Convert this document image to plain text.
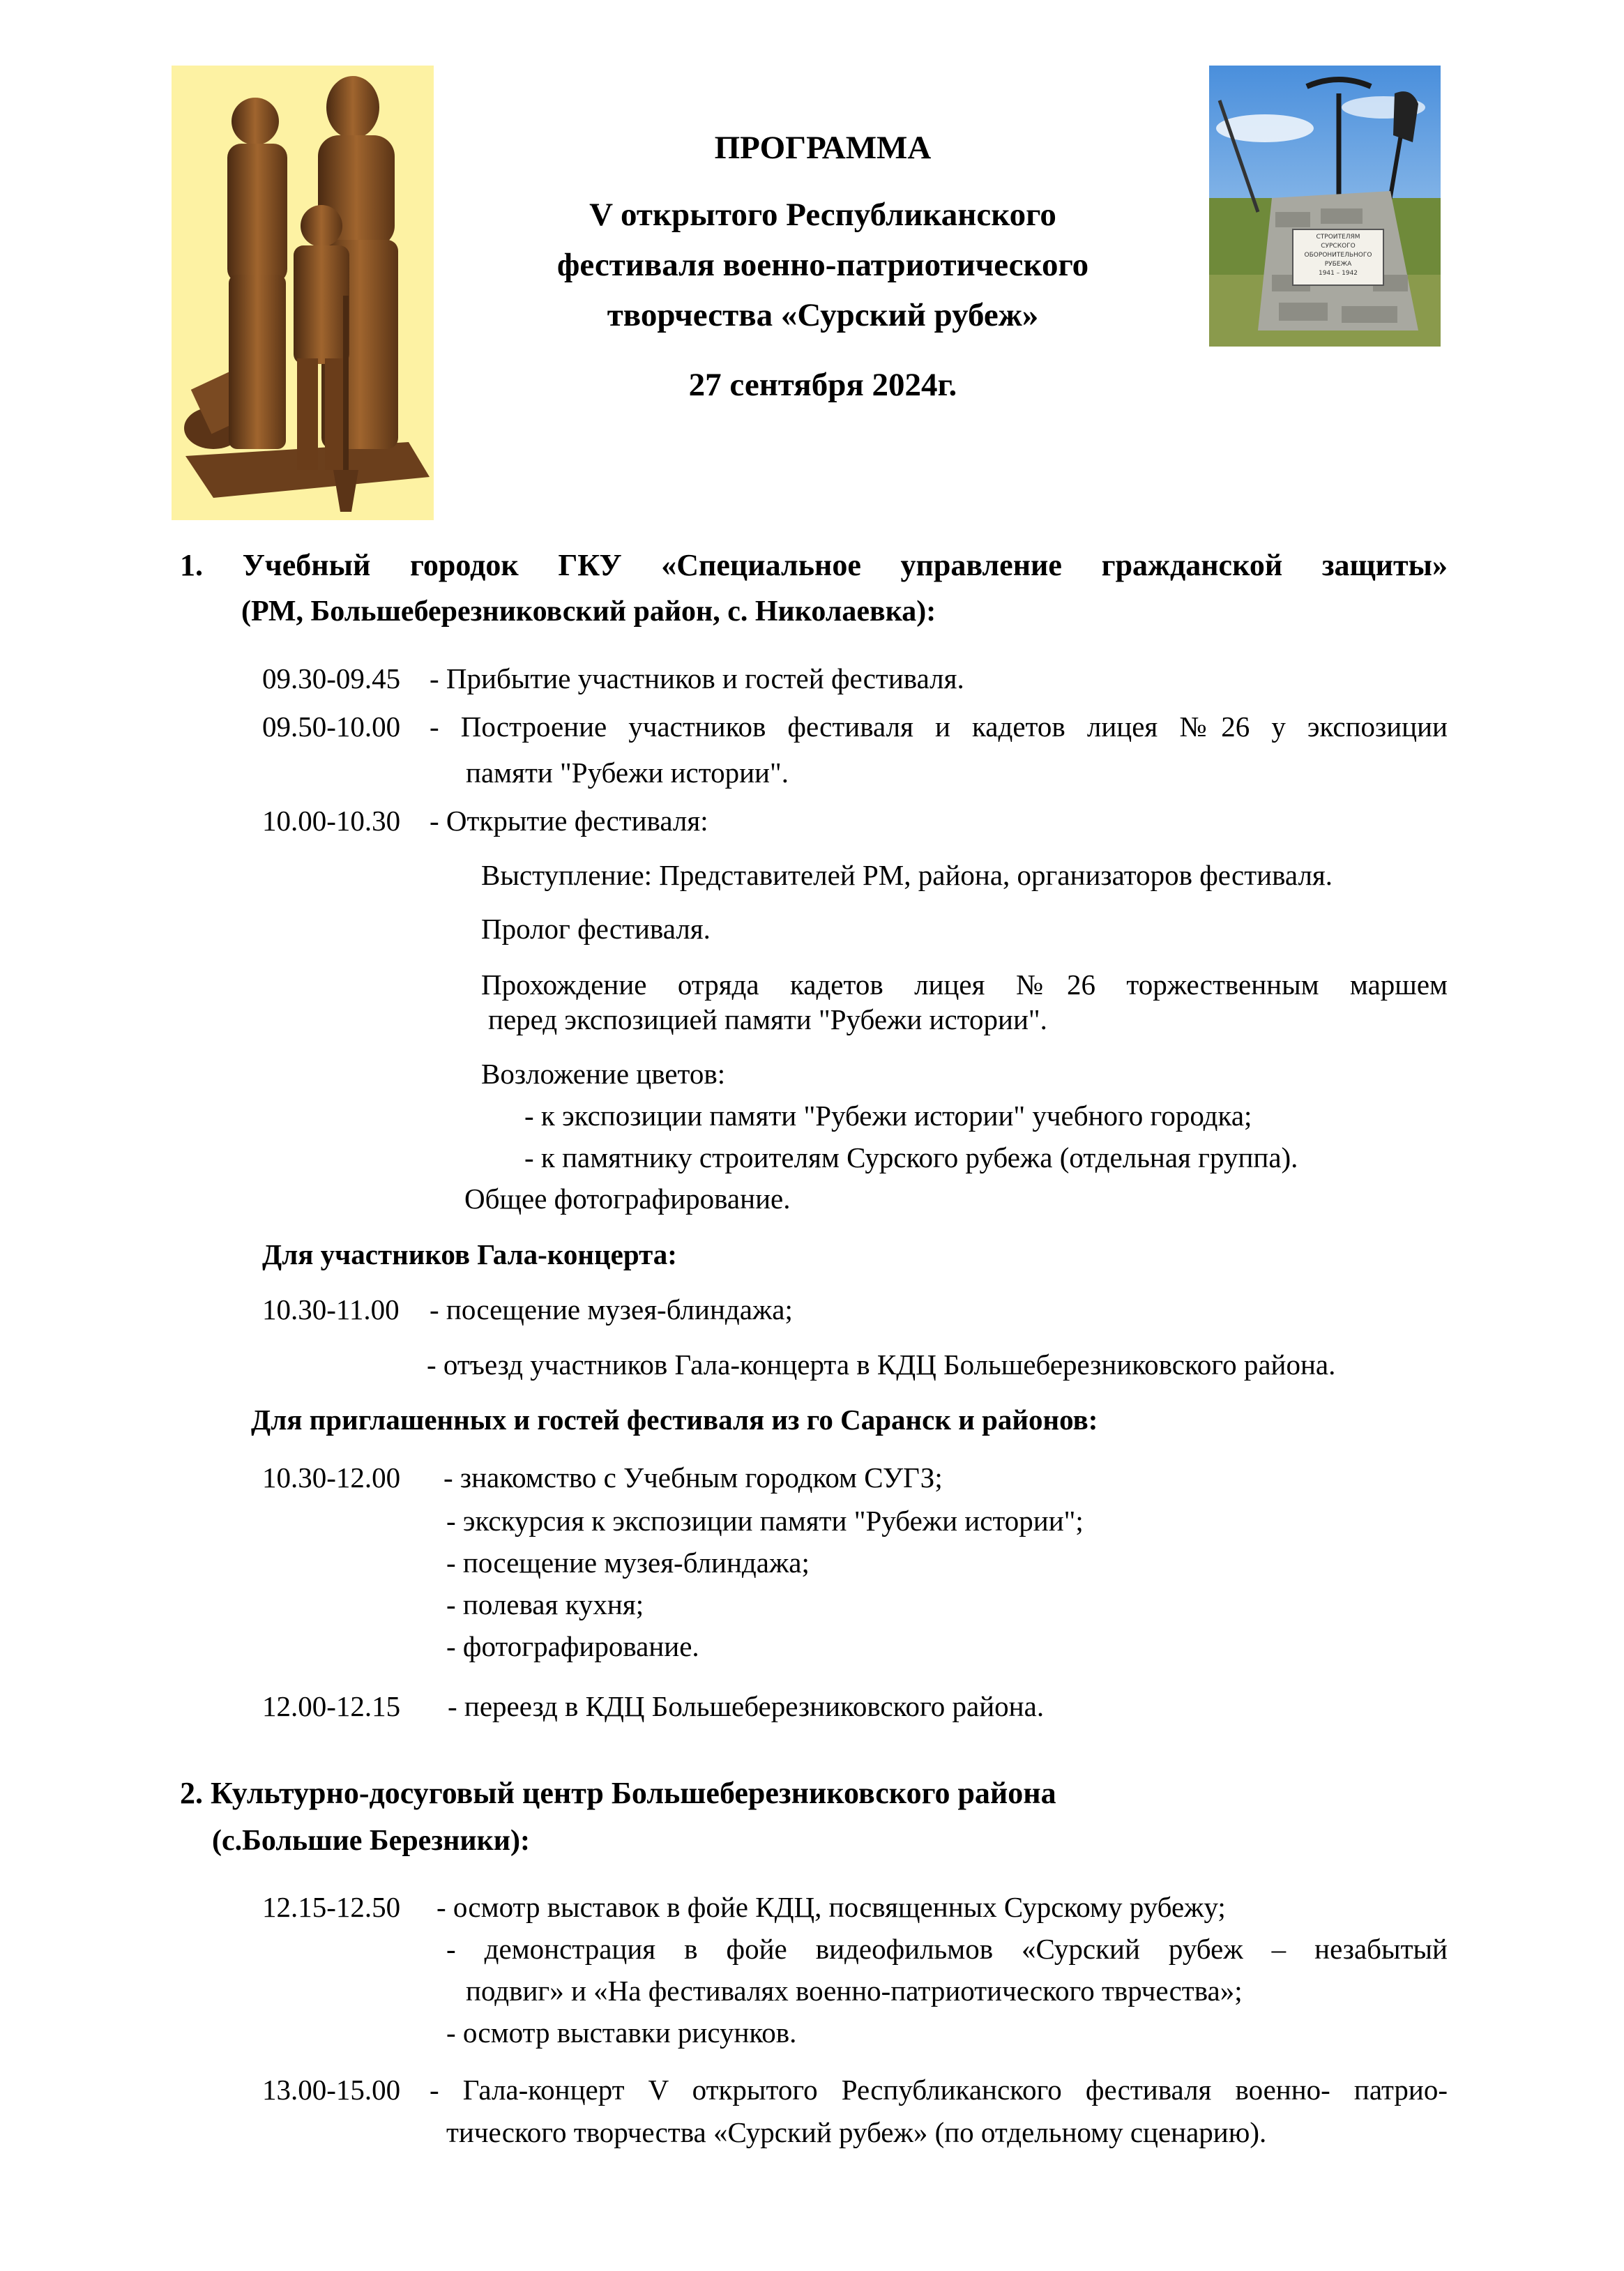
СТРОИТЕЛЯМ
СУРСКОГО ОБОРОНИТЕЛЬНОГО
РУБЕЖА
1941 – 1942
ПРОГРАММА
V открытого Республиканского
фестиваля военно-патриотического
творчества «Сурский рубеж»
27 сентября 2024г.
1. Учебный городок ГКУ «Специальное управление гражданской защиты»
(РМ, Большеберезниковский район, с. Николаевка):
09.30-09.45 - Прибытие участников и гостей фестиваля.
09.50-10.00 - Построение участников фестиваля и кадетов лицея №26 у экспозиции
памяти "Рубежи истории".
10.00-10.30 - Открытие фестиваля:
Выступление: Представителей РМ, района, организаторов фестиваля.
Пролог фестиваля.
Прохождение отряда кадетов лицея №26 торжественным маршем
перед экспозицией памяти "Рубежи истории".
Возложение цветов:
- к экспозиции памяти "Рубежи истории" учебного городка;
- к памятнику строителям Сурского рубежа (отдельная группа).
Общее фотографирование.
Для участников Гала-концерта:
10.30-11.00 - посещение музея-блиндажа;
- отъезд участников Гала-концерта в КДЦ Большеберезниковского района.
Для приглашенных и гостей фестиваля из го Саранск и районов:
10.30-12.00 - знакомство с Учебным городком СУГЗ;
- экскурсия к экспозиции памяти "Рубежи истории";
- посещение музея-блиндажа;
- полевая кухня;
- фотографирование.
12.00-12.15 - переезд в КДЦ Большеберезниковского района.
2. Культурно-досуговый центр Большеберезниковского района
(с.Большие Березники):
12.15-12.50 - осмотр выставок в фойе КДЦ, посвященных Сурскому рубежу;
- демонстрация в фойе видеофильмов «Сурский рубеж – незабытый
подвиг» и «На фестивалях военно-патриотического тврчества»;
- осмотр выставки рисунков.
13.00-15.00 - Гала-концерт V открытого Республиканского фестиваля военно- патрио-
тического творчества «Сурский рубеж» (по отдельному сценарию).
